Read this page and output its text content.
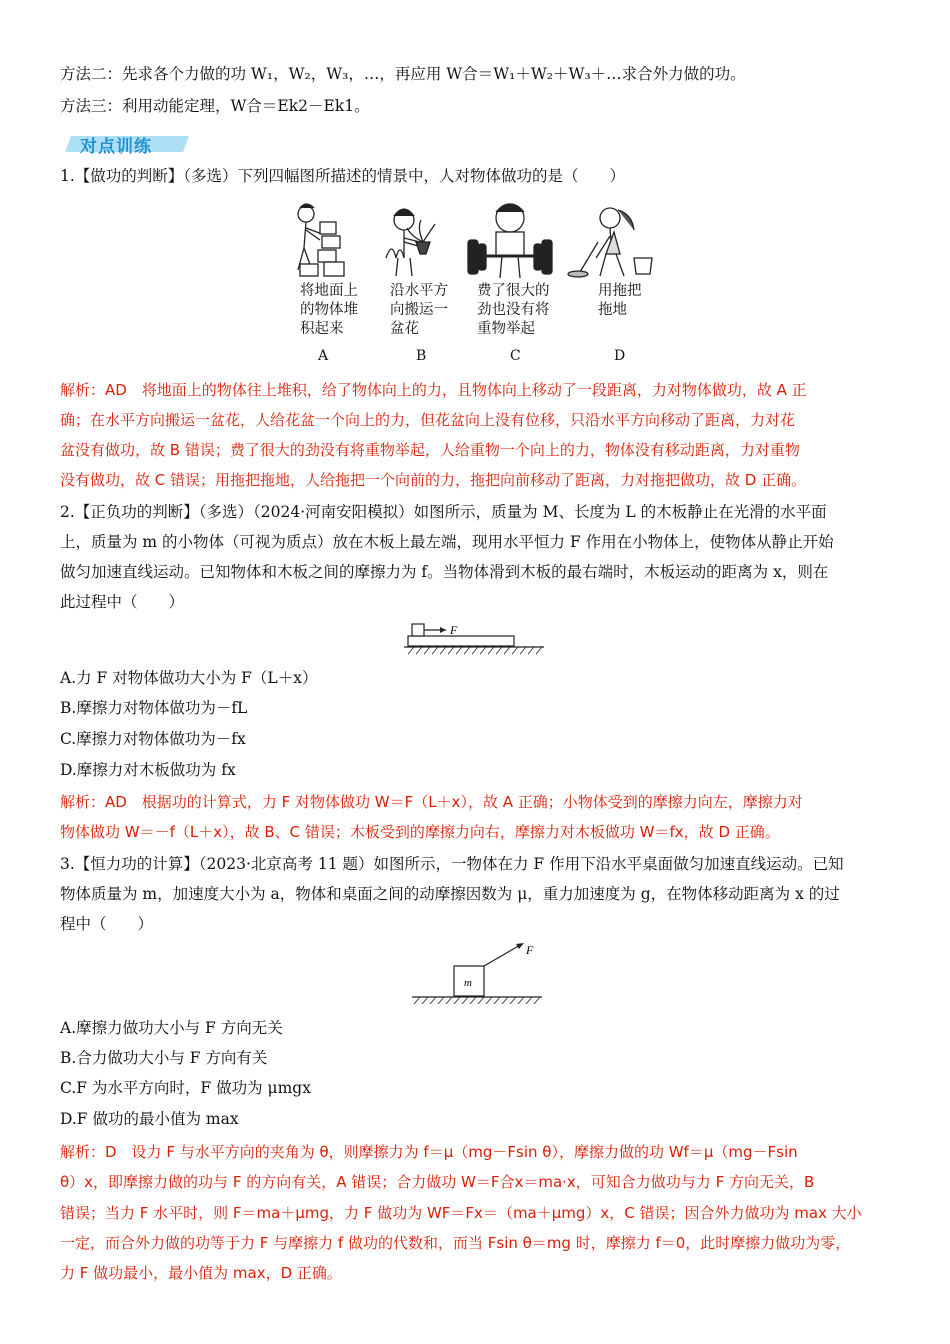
方法二：先求各个力做的功 W₁，W₂，W₃，…，再应用 W合＝W₁＋W₂＋W₃＋…求合外力做的功。
方法三：利用动能定理，W合＝Ek2－Ek1。
对点训练
1.【做功的判断】（多选）下列四幅图所描述的情景中，人对物体做功的是（　　）
将地面上
的物体堆
积起来
沿水平方
向搬运一
盆花
费了很大的
劲也没有将
重物举起
用拖把
拖地
A	B	C	D
解析：AD　将地面上的物体往上堆积，给了物体向上的力，且物体向上移动了一段距离，力对物体做功，故 A 正
确；在水平方向搬运一盆花，人给花盆一个向上的力，但花盆向上没有位移，只沿水平方向移动了距离，力对花
盆没有做功，故 B 错误；费了很大的劲没有将重物举起，人给重物一个向上的力，物体没有移动距离，力对重物
没有做功，故 C 错误；用拖把拖地，人给拖把一个向前的力，拖把向前移动了距离，力对拖把做功，故 D 正确。
2.【正负功的判断】（多选）（2024·河南安阳模拟）如图所示，质量为 M、长度为 L 的木板静止在光滑的水平面
上，质量为 m 的小物体（可视为质点）放在木板上最左端，现用水平恒力 F 作用在小物体上，使物体从静止开始
做匀加速直线运动。已知物体和木板之间的摩擦力为 f。当物体滑到木板的最右端时，木板运动的距离为 x，则在
此过程中（　　）
F
A.力 F 对物体做功大小为 F（L＋x）
B.摩擦力对物体做功为－fL
C.摩擦力对物体做功为－fx
D.摩擦力对木板做功为 fx
解析：AD　根据功的计算式，力 F 对物体做功 W＝F（L＋x），故 A 正确；小物体受到的摩擦力向左，摩擦力对
物体做功 W＝－f（L＋x），故 B、C 错误；木板受到的摩擦力向右，摩擦力对木板做功 W＝fx，故 D 正确。
3.【恒力功的计算】（2023·北京高考 11 题）如图所示，一物体在力 F 作用下沿水平桌面做匀加速直线运动。已知
物体质量为 m，加速度大小为 a，物体和桌面之间的动摩擦因数为 μ，重力加速度为 g，在物体移动距离为 x 的过
程中（　　）
m
F
A.摩擦力做功大小与 F 方向无关
B.合力做功大小与 F 方向有关
C.F 为水平方向时，F 做功为 μmgx
D.F 做功的最小值为 max
解析：D　设力 F 与水平方向的夹角为 θ，则摩擦力为 f＝μ（mg－Fsin θ），摩擦力做的功 Wf＝μ（mg－Fsin
θ）x，即摩擦力做的功与 F 的方向有关，A 错误；合力做功 W＝F合x＝ma·x，可知合力做功与力 F 方向无关，B
错误；当力 F 水平时，则 F＝ma＋μmg，力 F 做功为 WF＝Fx＝（ma＋μmg）x，C 错误；因合外力做功为 max 大小
一定，而合外力做的功等于力 F 与摩擦力 f 做功的代数和，而当 Fsin θ＝mg 时，摩擦力 f＝0，此时摩擦力做功为零，
力 F 做功最小，最小值为 max，D 正确。
